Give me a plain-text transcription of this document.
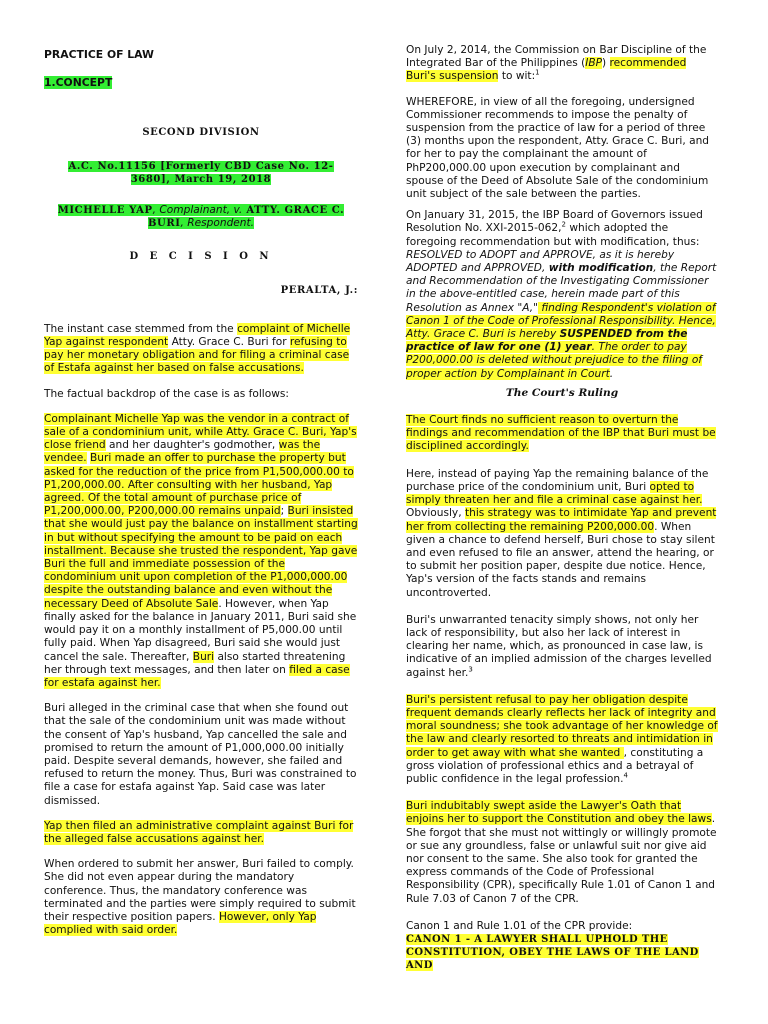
PRACTICE OF LAW

1.CONCEPT

SECOND DIVISION

A.C. No.11156 [Formerly CBD Case No. 12-3680], March 19, 2018

MICHELLE YAP, Complainant, v. ATTY. GRACE C. BURI, Respondent.

D E C I S I O N

PERALTA, J.:

The instant case stemmed from the complaint of Michelle Yap against respondent Atty. Grace C. Buri for refusing to pay her monetary obligation and for filing a criminal case of Estafa against her based on false accusations.

The factual backdrop of the case is as follows:

Complainant Michelle Yap was the vendor in a contract of sale of a condominium unit, while Atty. Grace C. Buri, Yap's close friend and her daughter's godmother, was the vendee. Buri made an offer to purchase the property but asked for the reduction of the price from P1,500,000.00 to P1,200,000.00. After consulting with her husband, Yap agreed. Of the total amount of purchase price of P1,200,000.00, P200,000.00 remains unpaid; Buri insisted that she would just pay the balance on installment starting in but without specifying the amount to be paid on each installment. Because she trusted the respondent, Yap gave Buri the full and immediate possession of the condominium unit upon completion of the P1,000,000.00 despite the outstanding balance and even without the necessary Deed of Absolute Sale. However, when Yap finally asked for the balance in January 2011, Buri said she would pay it on a monthly installment of P5,000.00 until fully paid. When Yap disagreed, Buri said she would just cancel the sale. Thereafter, Buri also started threatening her through text messages, and then later on filed a case for estafa against her.

Buri alleged in the criminal case that when she found out that the sale of the condominium unit was made without the consent of Yap's husband, Yap cancelled the sale and promised to return the amount of P1,000,000.00 initially paid. Despite several demands, however, she failed and refused to return the money. Thus, Buri was constrained to file a case for estafa against Yap. Said case was later dismissed.

Yap then filed an administrative complaint against Buri for the alleged false accusations against her.

When ordered to submit her answer, Buri failed to comply. She did not even appear during the mandatory conference. Thus, the mandatory conference was terminated and the parties were simply required to submit their respective position papers. However, only Yap complied with said order.

On July 2, 2014, the Commission on Bar Discipline of the Integrated Bar of the Philippines (IBP) recommended Buri's suspension to wit:$^1$

WHEREFORE, in view of all the foregoing, undersigned Commissioner recommends to impose the penalty of suspension from the practice of law for a period of three (3) months upon the respondent, Atty. Grace C. Buri, and for her to pay the complainant the amount of PhP200,000.00 upon execution by complainant and spouse of the Deed of Absolute Sale of the condominium unit subject of the sale between the parties.

On January 31, 2015, the IBP Board of Governors issued Resolution No. XXI-2015-062,$^2$ which adopted the foregoing recommendation but with modification, thus:
RESOLVED to ADOPT and APPROVE, as it is hereby ADOPTED and APPROVED, with modification, the Report and Recommendation of the Investigating Commissioner in the above-entitled case, herein made part of this Resolution as Annex "A," finding Respondent's violation of Canon 1 of the Code of Professional Responsibility. Hence, Atty. Grace C. Buri is hereby SUSPENDED from the practice of law for one (1) year. The order to pay P200,000.00 is deleted without prejudice to the filing of proper action by Complainant in Court.

The Court's Ruling

The Court finds no sufficient reason to overturn the findings and recommendation of the IBP that Buri must be disciplined accordingly.

Here, instead of paying Yap the remaining balance of the purchase price of the condominium unit, Buri opted to simply threaten her and file a criminal case against her. Obviously, this strategy was to intimidate Yap and prevent her from collecting the remaining P200,000.00. When given a chance to defend herself, Buri chose to stay silent and even refused to file an answer, attend the hearing, or to submit her position paper, despite due notice. Hence, Yap's version of the facts stands and remains uncontroverted.

Buri's unwarranted tenacity simply shows, not only her lack of responsibility, but also her lack of interest in clearing her name, which, as pronounced in case law, is indicative of an implied admission of the charges levelled against her.$^3$

Buri's persistent refusal to pay her obligation despite frequent demands clearly reflects her lack of integrity and moral soundness; she took advantage of her knowledge of the law and clearly resorted to threats and intimidation in order to get away with what she wanted , constituting a gross violation of professional ethics and a betrayal of public confidence in the legal profession.$^4$

Buri indubitably swept aside the Lawyer's Oath that enjoins her to support the Constitution and obey the laws. She forgot that she must not wittingly or willingly promote or sue any groundless, false or unlawful suit nor give aid nor consent to the same. She also took for granted the express commands of the Code of Professional Responsibility (CPR), specifically Rule 1.01 of Canon 1 and Rule 7.03 of Canon 7 of the CPR.

Canon 1 and Rule 1.01 of the CPR provide:

CANON 1 - A LAWYER SHALL UPHOLD THE CONSTITUTION, OBEY THE LAWS OF THE LAND AND
